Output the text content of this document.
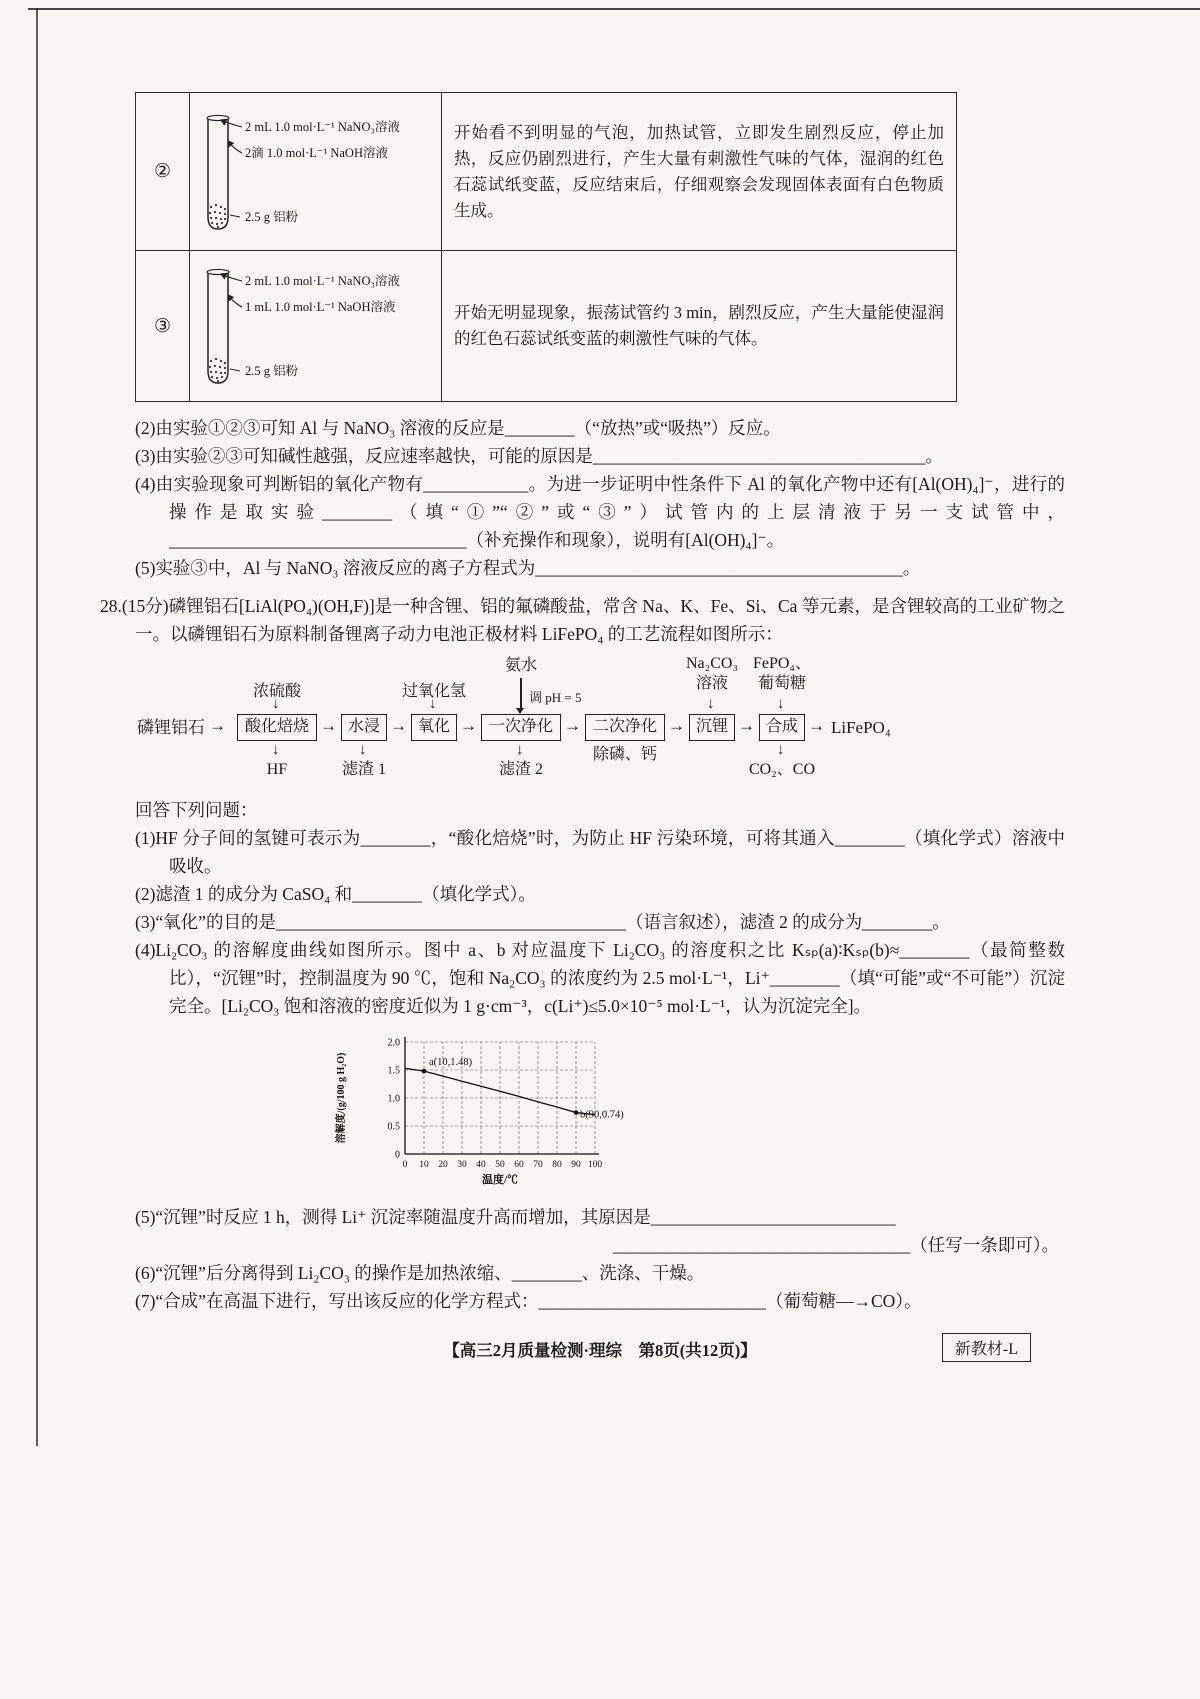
②	2 mL 1.0 mol·L⁻¹ NaNO₃溶液
2滴 1.0 mol·L⁻¹ NaOH溶液
2.5 g 铝粉	开始看不到明显的气泡，加热试管，立即发生剧烈反应，停止加热，反应仍剧烈进行，产生大量有刺激性气味的气体，湿润的红色石蕊试纸变蓝，反应结束后，仔细观察会发现固体表面有白色物质生成。
③	2 mL 1.0 mol·L⁻¹ NaNO₃溶液
1 mL 1.0 mol·L⁻¹ NaOH溶液
2.5 g 铝粉	开始无明显现象，振荡试管约 3 min，剧烈反应，产生大量能使湿润的红色石蕊试纸变蓝的刺激性气味的气体。

(2)由实验①②③可知 Al 与 NaNO₃ 溶液的反应是________（“放热”或“吸热”）反应。

(3)由实验②③可知碱性越强，反应速率越快，可能的原因是______________________________________。

(4)由实验现象可判断铝的氧化产物有____________。为进一步证明中性条件下 Al 的氧化产物中还有[Al(OH)₄]⁻，进行的操作是取实验________（填“①”“②”或“③”）试管内的上层清液于另一支试管中，__________________________________（补充操作和现象），说明有[Al(OH)₄]⁻。

(5)实验③中，Al 与 NaNO₃ 溶液反应的离子方程式为__________________________________________。

28.(15分)磷锂铝石[LiAl(PO₄)(OH,F)]是一种含锂、铝的氟磷酸盐，常含 Na、K、Fe、Si、Ca 等元素，是含锂较高的工业矿物之一。以磷锂铝石为原料制备锂离子动力电池正极材料 LiFePO₄ 的工艺流程如图所示：

浓硫酸
↓
过氧化氢
↓
氨水
调 pH = 5
Na₂CO₃
溶液
↓
FePO₄、
葡萄糖
↓
磷锂铝石 →	酸化焙烧 → 水浸 → 氧化 → 一次净化 → 二次净化 → 沉锂 → 合成 → LiFePO₄
↓
HF
↓
滤渣 1
↓
滤渣 2
除磷、钙	↓
CO₂、CO

回答下列问题：

(1)HF 分子间的氢键可表示为________，“酸化焙烧”时，为防止 HF 污染环境，可将其通入________（填化学式）溶液中吸收。

(2)滤渣 1 的成分为 CaSO₄ 和________（填化学式）。

(3)“氧化”的目的是________________________________________（语言叙述），滤渣 2 的成分为________。

(4)Li₂CO₃ 的溶解度曲线如图所示。图中 a、b 对应温度下 Li₂CO₃ 的溶度积之比 Kₛₚ(a)∶Kₛₚ(b)≈________（最简整数比），“沉锂”时，控制温度为 90 ℃，饱和 Na₂CO₃ 的浓度约为 2.5 mol·L⁻¹，Li⁺________（填“可能”或“不可能”）沉淀完全。[Li₂CO₃ 饱和溶液的密度近似为 1 g·cm⁻³，c(Li⁺)≤5.0×10⁻⁵ mol·L⁻¹，认为沉淀完全]。

0 10 20 30 40 50 60 70 80 90 100
0
0.5
1.0
1.5
2.0
a(10,1.48)
b(90,0.74)
温度/℃
溶解度/(g/100 g H₂O)

(5)“沉锂”时反应 1 h，测得 Li⁺ 沉淀率随温度升高而增加，其原因是____________________________

__________________________________（任写一条即可）。

(6)“沉锂”后分离得到 Li₂CO₃ 的操作是加热浓缩、________、洗涤、干燥。

(7)“合成”在高温下进行，写出该反应的化学方程式：__________________________（葡萄糖—→CO）。

【高三2月质量检测·理综　第8页(共12页)】	新教材-L
